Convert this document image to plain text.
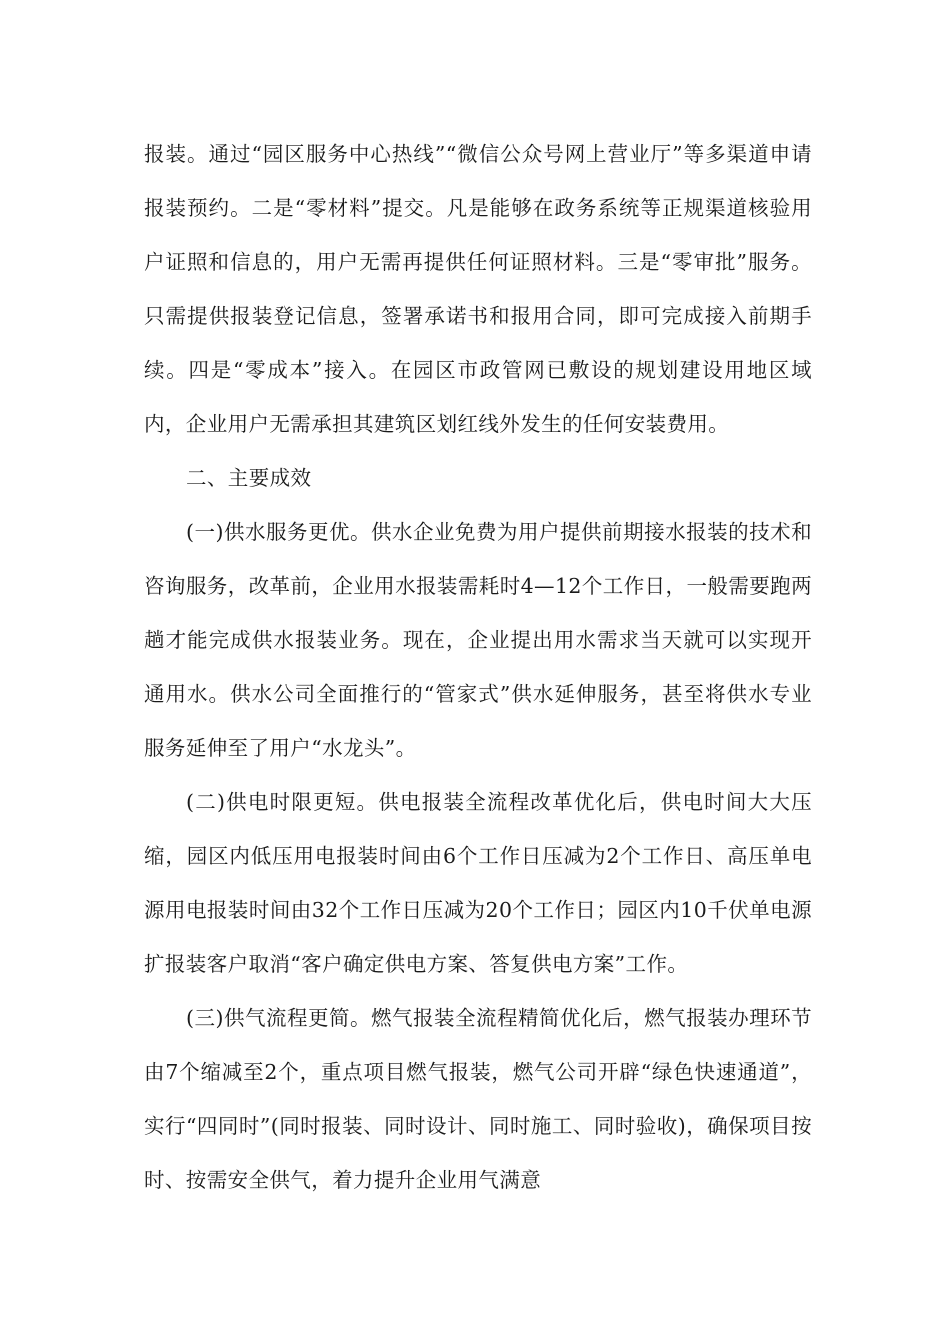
报装。通过“园区服务中心热线”“微信公众号网上营业厅”等多渠道申请报装预约。二是“零材料”提交。凡是能够在政务系统等正规渠道核验用户证照和信息的，用户无需再提供任何证照材料。三是“零审批”服务。只需提供报装登记信息，签署承诺书和报用合同，即可完成接入前期手续。四是“零成本”接入。在园区市政管网已敷设的规划建设用地区域内，企业用户无需承担其建筑区划红线外发生的任何安装费用。

二、主要成效

(一)供水服务更优。供水企业免费为用户提供前期接水报装的技术和咨询服务，改革前，企业用水报装需耗时4—12个工作日，一般需要跑两趟才能完成供水报装业务。现在，企业提出用水需求当天就可以实现开通用水。供水公司全面推行的“管家式”供水延伸服务，甚至将供水专业服务延伸至了用户“水龙头”。

(二)供电时限更短。供电报装全流程改革优化后，供电时间大大压缩，园区内低压用电报装时间由6个工作日压减为2个工作日、高压单电源用电报装时间由32个工作日压减为20个工作日；园区内10千伏单电源扩报装客户取消“客户确定供电方案、答复供电方案”工作。

(三)供气流程更简。燃气报装全流程精简优化后，燃气报装办理环节由7个缩减至2个，重点项目燃气报装，燃气公司开辟“绿色快速通道”，实行“四同时”(同时报装、同时设计、同时施工、同时验收)，确保项目按时、按需安全供气，着力提升企业用气满意
